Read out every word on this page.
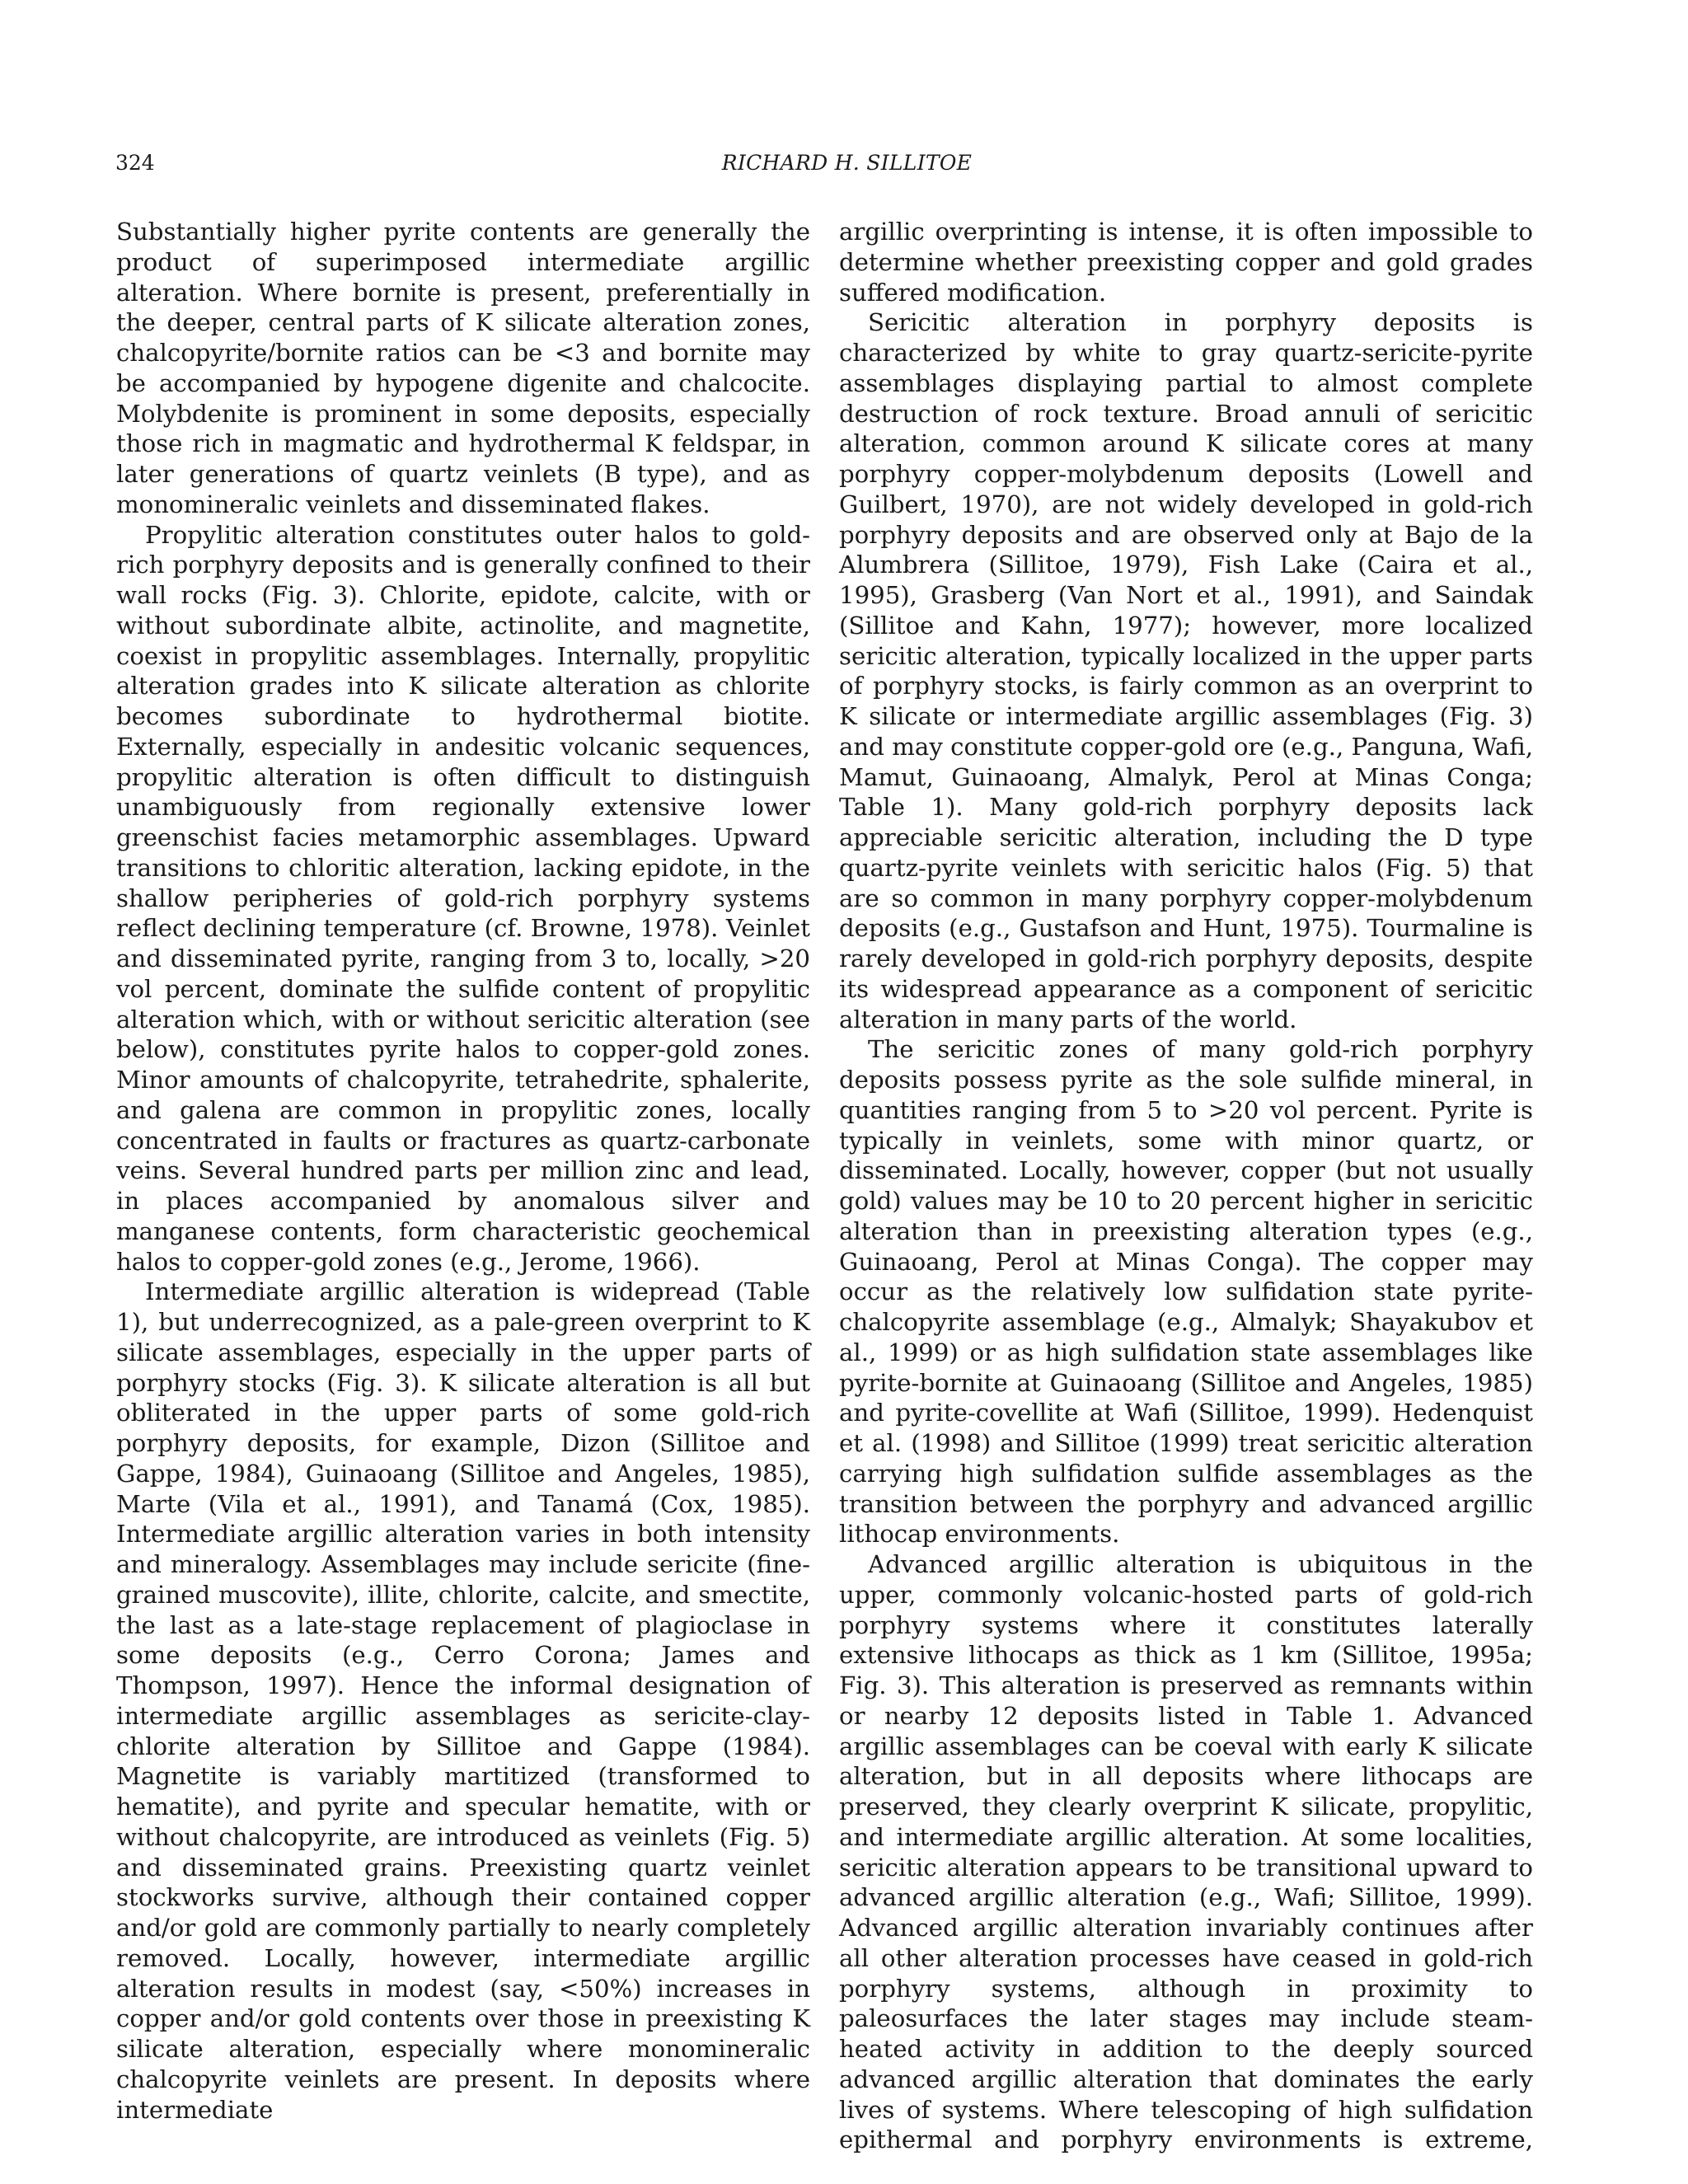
324	RICHARD H. SILLITOE

Substantially higher pyrite contents are generally the product of superimposed intermediate argillic alteration. Where bornite is present, preferentially in the deeper, central parts of K silicate alteration zones, chalcopyrite/bornite ratios can be <3 and bornite may be accompanied by hypogene digenite and chalcocite. Molybdenite is prominent in some deposits, especially those rich in magmatic and hydrothermal K feldspar, in later generations of quartz veinlets (B type), and as monomineralic veinlets and disseminated flakes.

Propylitic alteration constitutes outer halos to gold-rich porphyry deposits and is generally confined to their wall rocks (Fig. 3). Chlorite, epidote, calcite, with or without subordinate albite, actinolite, and magnetite, coexist in propylitic assemblages. Internally, propylitic alteration grades into K silicate alteration as chlorite becomes subordinate to hydrothermal biotite. Externally, especially in andesitic volcanic sequences, propylitic alteration is often difficult to distinguish unambiguously from regionally extensive lower greenschist facies metamorphic assemblages. Upward transitions to chloritic alteration, lacking epidote, in the shallow peripheries of gold-rich porphyry systems reflect declining temperature (cf. Browne, 1978). Veinlet and disseminated pyrite, ranging from 3 to, locally, >20 vol percent, dominate the sulfide content of propylitic alteration which, with or without sericitic alteration (see below), constitutes pyrite halos to copper-gold zones. Minor amounts of chalcopyrite, tetrahedrite, sphalerite, and galena are common in propylitic zones, locally concentrated in faults or fractures as quartz-carbonate veins. Several hundred parts per million zinc and lead, in places accompanied by anomalous silver and manganese contents, form characteristic geochemical halos to copper-gold zones (e.g., Jerome, 1966).

Intermediate argillic alteration is widepread (Table 1), but underrecognized, as a pale-green overprint to K silicate assemblages, especially in the upper parts of porphyry stocks (Fig. 3). K silicate alteration is all but obliterated in the upper parts of some gold-rich porphyry deposits, for example, Dizon (Sillitoe and Gappe, 1984), Guinaoang (Sillitoe and Angeles, 1985), Marte (Vila et al., 1991), and Tanamá (Cox, 1985). Intermediate argillic alteration varies in both intensity and mineralogy. Assemblages may include sericite (fine-grained muscovite), illite, chlorite, calcite, and smectite, the last as a late-stage replacement of plagioclase in some deposits (e.g., Cerro Corona; James and Thompson, 1997). Hence the informal designation of intermediate argillic assemblages as sericite-clay-chlorite alteration by Sillitoe and Gappe (1984). Magnetite is variably martitized (transformed to hematite), and pyrite and specular hematite, with or without chalcopyrite, are introduced as veinlets (Fig. 5) and disseminated grains. Preexisting quartz veinlet stockworks survive, although their contained copper and/or gold are commonly partially to nearly completely removed. Locally, however, intermediate argillic alteration results in modest (say, <50%) increases in copper and/or gold contents over those in preexisting K silicate alteration, especially where monomineralic chalcopyrite veinlets are present. In deposits where intermediate

argillic overprinting is intense, it is often impossible to determine whether preexisting copper and gold grades suffered modification.

Sericitic alteration in porphyry deposits is characterized by white to gray quartz-sericite-pyrite assemblages displaying partial to almost complete destruction of rock texture. Broad annuli of sericitic alteration, common around K silicate cores at many porphyry copper-molybdenum deposits (Lowell and Guilbert, 1970), are not widely developed in gold-rich porphyry deposits and are observed only at Bajo de la Alumbrera (Sillitoe, 1979), Fish Lake (Caira et al., 1995), Grasberg (Van Nort et al., 1991), and Saindak (Sillitoe and Kahn, 1977); however, more localized sericitic alteration, typically localized in the upper parts of porphyry stocks, is fairly common as an overprint to K silicate or intermediate argillic assemblages (Fig. 3) and may constitute copper-gold ore (e.g., Panguna, Wafi, Mamut, Guinaoang, Almalyk, Perol at Minas Conga; Table 1). Many gold-rich porphyry deposits lack appreciable sericitic alteration, including the D type quartz-pyrite veinlets with sericitic halos (Fig. 5) that are so common in many porphyry copper-molybdenum deposits (e.g., Gustafson and Hunt, 1975). Tourmaline is rarely developed in gold-rich porphyry deposits, despite its widespread appearance as a component of sericitic alteration in many parts of the world.

The sericitic zones of many gold-rich porphyry deposits possess pyrite as the sole sulfide mineral, in quantities ranging from 5 to >20 vol percent. Pyrite is typically in veinlets, some with minor quartz, or disseminated. Locally, however, copper (but not usually gold) values may be 10 to 20 percent higher in sericitic alteration than in preexisting alteration types (e.g., Guinaoang, Perol at Minas Conga). The copper may occur as the relatively low sulfidation state pyrite-chalcopyrite assemblage (e.g., Almalyk; Shayakubov et al., 1999) or as high sulfidation state assemblages like pyrite-bornite at Guinaoang (Sillitoe and Angeles, 1985) and pyrite-covellite at Wafi (Sillitoe, 1999). Hedenquist et al. (1998) and Sillitoe (1999) treat sericitic alteration carrying high sulfidation sulfide assemblages as the transition between the porphyry and advanced argillic lithocap environments.

Advanced argillic alteration is ubiquitous in the upper, commonly volcanic-hosted parts of gold-rich porphyry systems where it constitutes laterally extensive lithocaps as thick as 1 km (Sillitoe, 1995a; Fig. 3). This alteration is preserved as remnants within or nearby 12 deposits listed in Table 1. Advanced argillic assemblages can be coeval with early K silicate alteration, but in all deposits where lithocaps are preserved, they clearly overprint K silicate, propylitic, and intermediate argillic alteration. At some localities, sericitic alteration appears to be transitional upward to advanced argillic alteration (e.g., Wafi; Sillitoe, 1999). Advanced argillic alteration invariably continues after all other alteration processes have ceased in gold-rich porphyry systems, although in proximity to paleosurfaces the later stages may include steam-heated activity in addition to the deeply sourced advanced argillic alteration that dominates the early lives of systems. Where telescoping of high sulfidation epithermal and porphyry environments is extreme,
